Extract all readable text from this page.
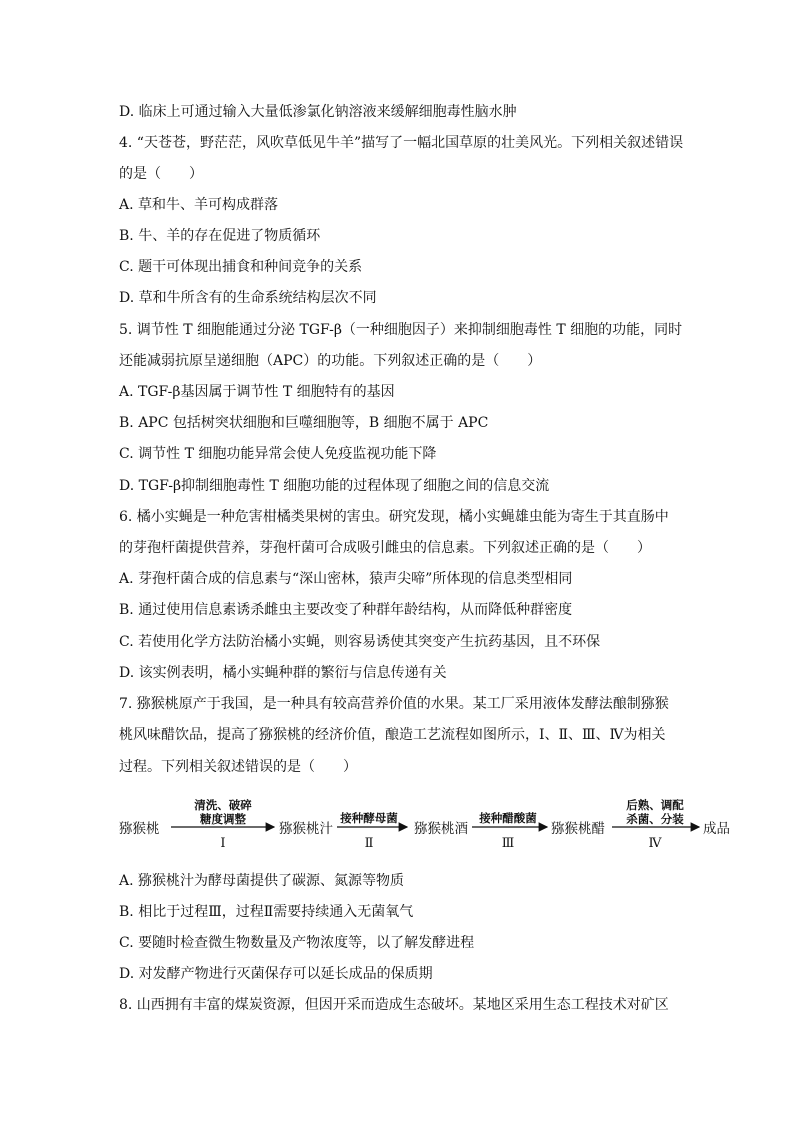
D. 临床上可通过输入大量低渗氯化钠溶液来缓解细胞毒性脑水肿
4. “天苍苍，野茫茫，风吹草低见牛羊”描写了一幅北国草原的壮美风光。下列相关叙述错误
的是（　　）
A. 草和牛、羊可构成群落
B. 牛、羊的存在促进了物质循环
C. 题干可体现出捕食和种间竞争的关系
D. 草和牛所含有的生命系统结构层次不同
5. 调节性 T 细胞能通过分泌 TGF-β（一种细胞因子）来抑制细胞毒性 T 细胞的功能，同时
还能减弱抗原呈递细胞（APC）的功能。下列叙述正确的是（　　）
A. TGF-β基因属于调节性 T 细胞特有的基因
B. APC 包括树突状细胞和巨噬细胞等，B 细胞不属于 APC
C. 调节性 T 细胞功能异常会使人免疫监视功能下降
D. TGF-β抑制细胞毒性 T 细胞功能的过程体现了细胞之间的信息交流
6. 橘小实蝇是一种危害柑橘类果树的害虫。研究发现，橘小实蝇雄虫能为寄生于其直肠中
的芽孢杆菌提供营养，芽孢杆菌可合成吸引雌虫的信息素。下列叙述正确的是（　　）
A. 芽孢杆菌合成的信息素与“深山密林，猿声尖啼”所体现的信息类型相同
B. 通过使用信息素诱杀雌虫主要改变了种群年龄结构，从而降低种群密度
C. 若使用化学方法防治橘小实蝇，则容易诱使其突变产生抗药基因，且不环保
D. 该实例表明，橘小实蝇种群的繁衍与信息传递有关
7. 猕猴桃原产于我国，是一种具有较高营养价值的水果。某工厂采用液体发酵法酿制猕猴
桃风味醋饮品，提高了猕猴桃的经济价值，酿造工艺流程如图所示，I、Ⅱ、Ⅲ、Ⅳ为相关
过程。下列相关叙述错误的是（　　）
猕猴桃	猕猴桃汁	猕猴桃酒	猕猴桃醋	成品
清洗、破碎
糖度调整
I
接种酵母菌
Ⅱ
接种醋酸菌
Ⅲ
后熟、调配
杀菌、分装
Ⅳ
A. 猕猴桃汁为酵母菌提供了碳源、氮源等物质
B. 相比于过程Ⅲ，过程Ⅱ需要持续通入无菌氧气
C. 要随时检查微生物数量及产物浓度等，以了解发酵进程
D. 对发酵产物进行灭菌保存可以延长成品的保质期
8. 山西拥有丰富的煤炭资源，但因开采而造成生态破坏。某地区采用生态工程技术对矿区
